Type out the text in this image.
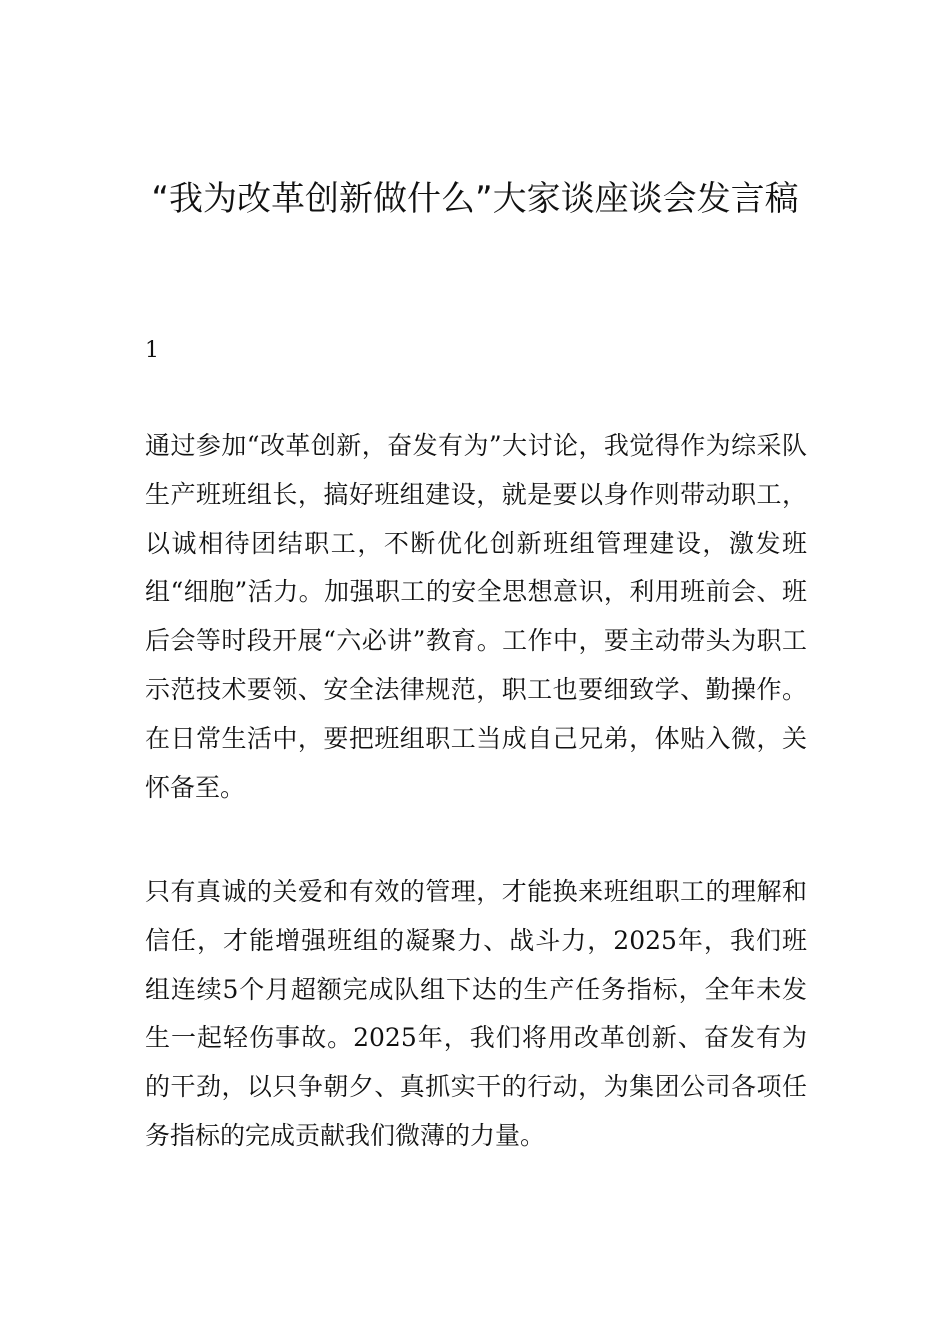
“我为改革创新做什么”大家谈座谈会发言稿
1

通过参加“改革创新，奋发有为”大讨论，我觉得作为综采队生产班班组长，搞好班组建设，就是要以身作则带动职工，以诚相待团结职工，不断优化创新班组管理建设，激发班组“细胞”活力。加强职工的安全思想意识，利用班前会、班后会等时段开展“六必讲”教育。工作中，要主动带头为职工示范技术要领、安全法律规范，职工也要细致学、勤操作。在日常生活中，要把班组职工当成自己兄弟，体贴入微，关怀备至。

只有真诚的关爱和有效的管理，才能换来班组职工的理解和信任，才能增强班组的凝聚力、战斗力，2025年，我们班组连续5个月超额完成队组下达的生产任务指标，全年未发生一起轻伤事故。2025年，我们将用改革创新、奋发有为的干劲，以只争朝夕、真抓实干的行动，为集团公司各项任务指标的完成贡献我们微薄的力量。
